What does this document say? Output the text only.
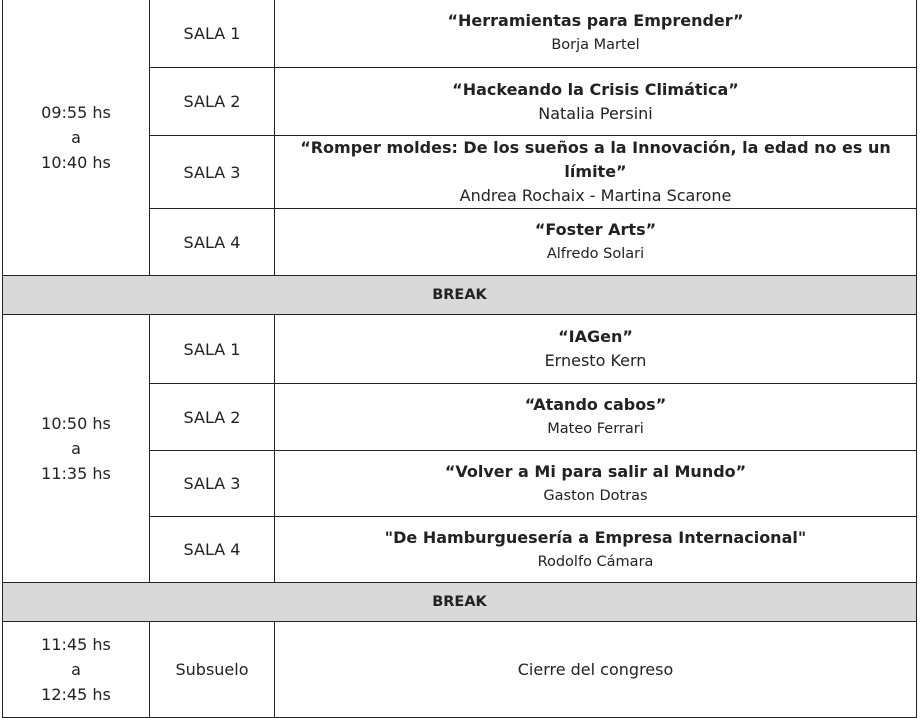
09:55 hs
a
10:40 hs	SALA 1	“Herramientas para Emprender”
Borja Martel

	SALA 2	“Hackeando la Crisis Climática”
Natalia Persini

	SALA 3	“Romper moldes: De los sueños a la Innovación, la edad no es un límite”
Andrea Rochaix - Martina Scarone

	SALA 4	“Foster Arts”
Alfredo Solari

BREAK		

10:50 hs
a
11:35 hs	SALA 1	“IAGen”
Ernesto Kern

	SALA 2	“Atando cabos”
Mateo Ferrari

	SALA 3	“Volver a Mi para salir al Mundo”
Gaston Dotras

	SALA 4	"De Hamburguesería a Empresa Internacional"
Rodolfo Cámara

BREAK		

11:45 hs
a
12:45 hs	Subsuelo	Cierre del congreso
